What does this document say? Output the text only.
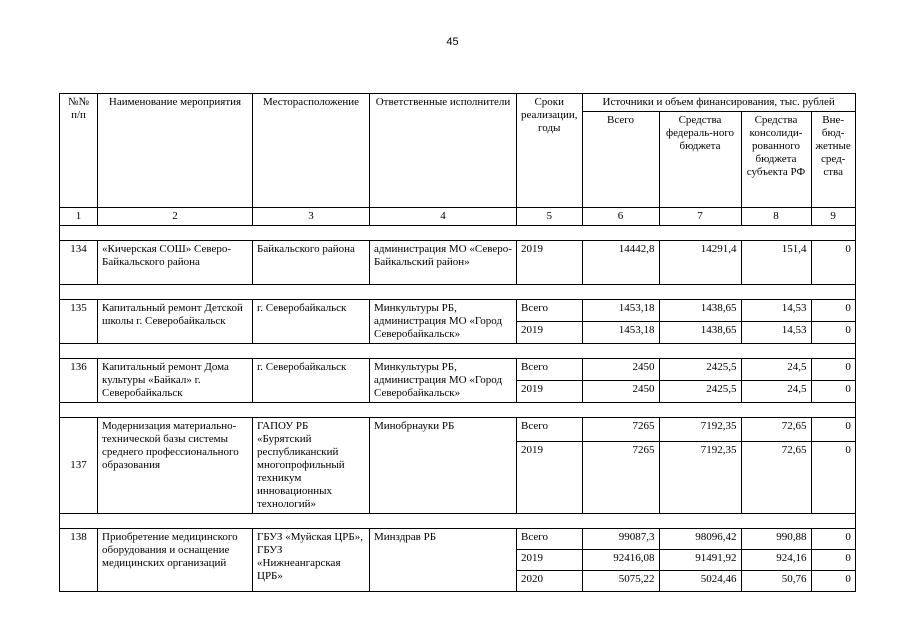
45
№№ п/п	Наименование мероприятия	Месторасположение	Ответственные исполнители	Сроки реализации, годы	Источники и объем финансирования, тыс. рублей			
					Всего	Средства федераль-ного бюджета	Средства консолиди-рованного бюджета субъекта РФ	Вне-бюд-жетные сред-ства
1	2	3	4	5	6	7	8	9

134	«Кичерская СОШ» Северо-Байкальского района	Байкальского района	администрация МО «Северо-Байкальский район»	2019	14442,8	14291,4	151,4	0

135	Капитальный ремонт Детской школы г. Северобайкальск	г. Северобайкальск	Минкультуры РБ, администрация МО «Город Северобайкальск»	Всего	1453,18	1438,65	14,53	0
				2019	1453,18	1438,65	14,53	0

136	Капитальный ремонт Дома культуры «Байкал» г. Северобайкальск	г. Северобайкальск	Минкультуры РБ, администрация МО «Город Северобайкальск»	Всего	2450	2425,5	24,5	0
				2019	2450	2425,5	24,5	0

137	Модернизация материально-технической базы системы среднего профессионального образования	ГАПОУ РБ «Бурятский республиканский многопрофильный техникум инновационных технологий»	Минобрнауки РБ	Всего	7265	7192,35	72,65	0
				2019	7265	7192,35	72,65	0

138	Приобретение медицинского оборудования и оснащение медицинских организаций	ГБУЗ «Муйская ЦРБ», ГБУЗ «Нижнеангарская ЦРБ»	Минздрав РБ	Всего	99087,3	98096,42	990,88	0
				2019	92416,08	91491,92	924,16	0
				2020	5075,22	5024,46	50,76	0
